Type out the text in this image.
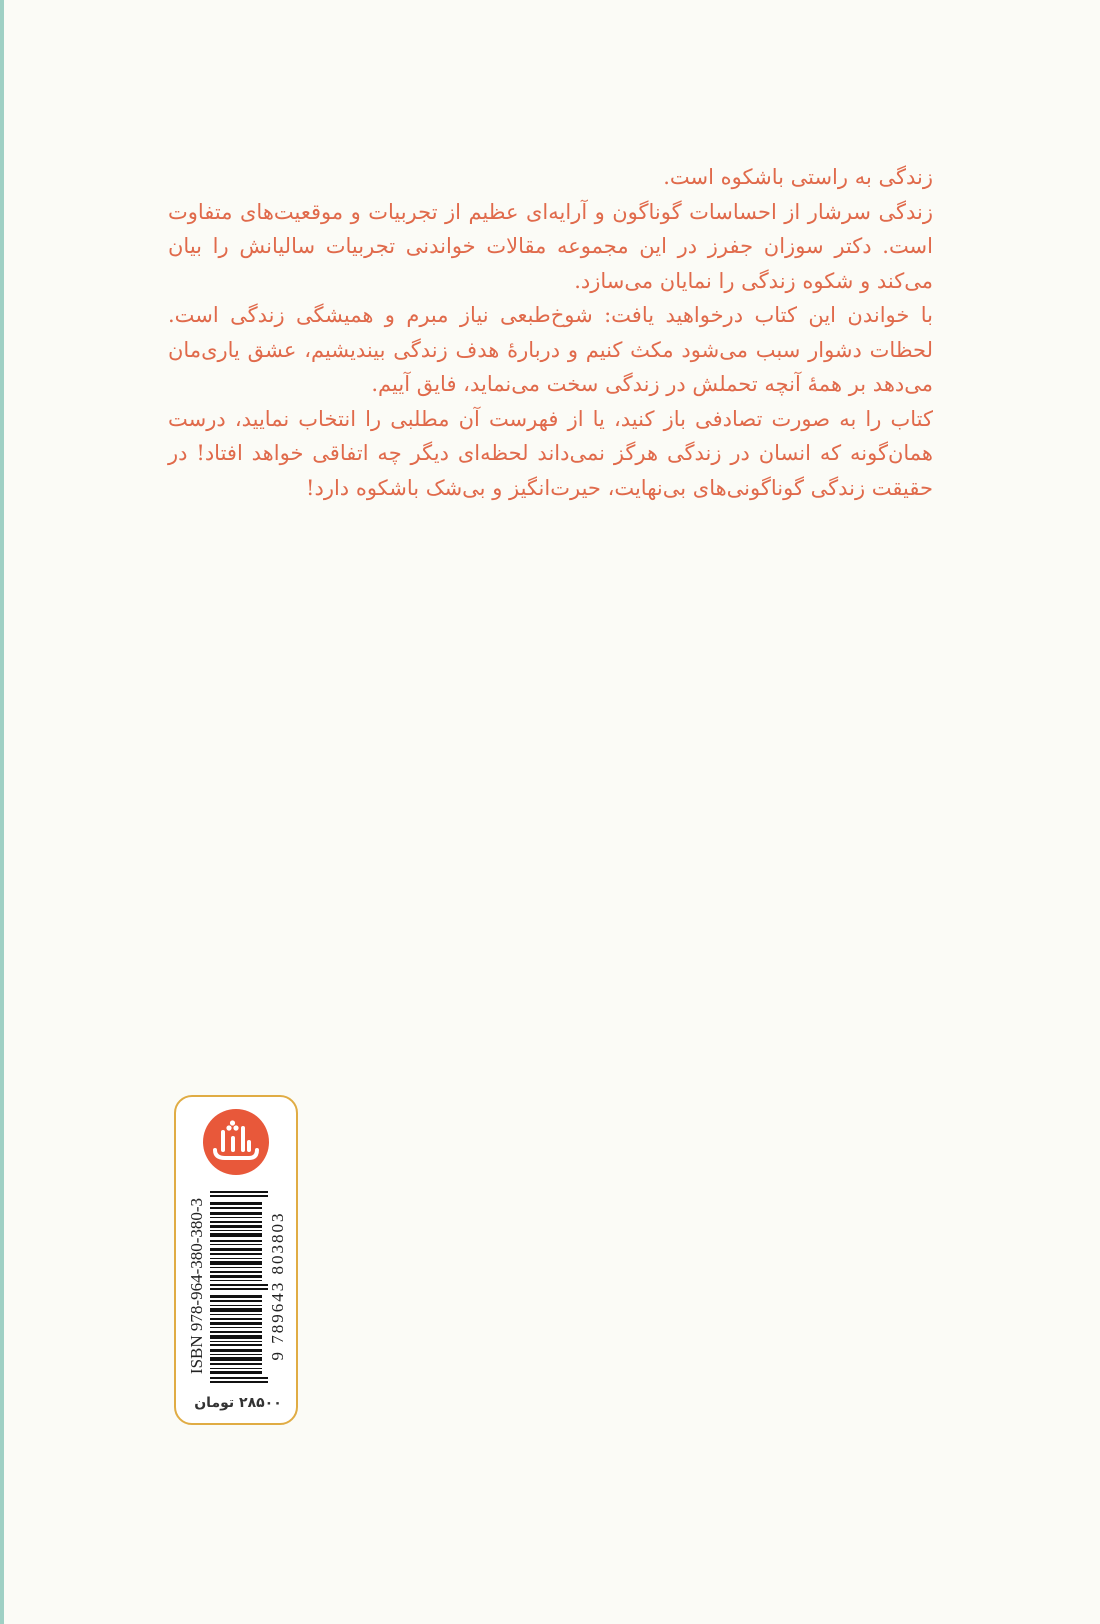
زندگی به راستی باشکوه است.

زندگی سرشار از احساسات گوناگون و آرایه‌ای عظیم از تجربیات و موقعیت‌های متفاوت است. دکتر سوزان جفرز در این مجموعه مقالات خواندنی تجربیات سالیانش را بیان می‌کند و شکوه زندگی را نمایان می‌سازد.

با خواندن این کتاب درخواهید یافت: شوخ‌طبعی نیاز مبرم و همیشگی زندگی است. لحظات دشوار سبب می‌شود مکث کنیم و دربارهٔ هدف زندگی بیندیشیم، عشق یاری‌مان می‌دهد بر همهٔ آنچه تحملش در زندگی سخت می‌نماید، فایق آییم.

کتاب را به صورت تصادفی باز کنید، یا از فهرست آن مطلبی را انتخاب نمایید، درست همان‌گونه که انسان در زندگی هرگز نمی‌داند لحظه‌ای دیگر چه اتفاقی خواهد افتاد! در حقیقت زندگی گوناگونی‌های بی‌نهایت، حیرت‌انگیز و بی‌شک باشکوه دارد!

ISBN 978-964-380-380-3	9 789643 803803
۲۸۵۰۰ تومان
